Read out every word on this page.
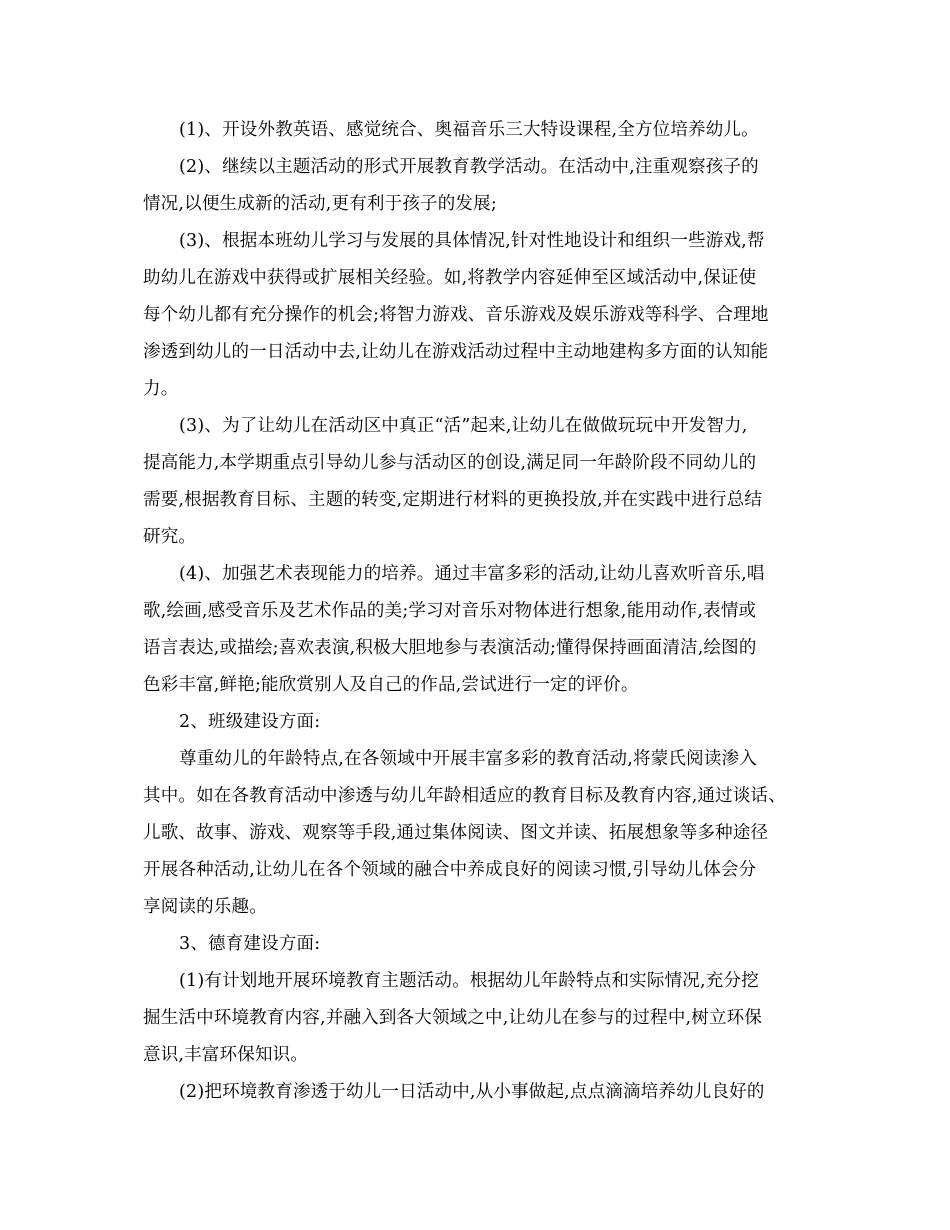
(1)、开设外教英语、感觉统合、奥福音乐三大特设课程,全方位培养幼儿。
(2)、继续以主题活动的形式开展教育教学活动。在活动中,注重观察孩子的
情况,以便生成新的活动,更有利于孩子的发展;
(3)、根据本班幼儿学习与发展的具体情况,针对性地设计和组织一些游戏,帮
助幼儿在游戏中获得或扩展相关经验。如,将教学内容延伸至区域活动中,保证使
每个幼儿都有充分操作的机会;将智力游戏、音乐游戏及娱乐游戏等科学、合理地
渗透到幼儿的一日活动中去,让幼儿在游戏活动过程中主动地建构多方面的认知能
力。
(3)、为了让幼儿在活动区中真正“活”起来,让幼儿在做做玩玩中开发智力,
提高能力,本学期重点引导幼儿参与活动区的创设,满足同一年龄阶段不同幼儿的
需要,根据教育目标、主题的转变,定期进行材料的更换投放,并在实践中进行总结
研究。
(4)、加强艺术表现能力的培养。通过丰富多彩的活动,让幼儿喜欢听音乐,唱
歌,绘画,感受音乐及艺术作品的美;学习对音乐对物体进行想象,能用动作,表情或
语言表达,或描绘;喜欢表演,积极大胆地参与表演活动;懂得保持画面清洁,绘图的
色彩丰富,鲜艳;能欣赏别人及自己的作品,尝试进行一定的评价。
2、班级建设方面:
尊重幼儿的年龄特点,在各领域中开展丰富多彩的教育活动,将蒙氏阅读渗入
其中。如在各教育活动中渗透与幼儿年龄相适应的教育目标及教育内容,通过谈话、
儿歌、故事、游戏、观察等手段,通过集体阅读、图文并读、拓展想象等多种途径
开展各种活动,让幼儿在各个领域的融合中养成良好的阅读习惯,引导幼儿体会分
享阅读的乐趣。
3、德育建设方面:
(1)有计划地开展环境教育主题活动。根据幼儿年龄特点和实际情况,充分挖
掘生活中环境教育内容,并融入到各大领域之中,让幼儿在参与的过程中,树立环保
意识,丰富环保知识。
(2)把环境教育渗透于幼儿一日活动中,从小事做起,点点滴滴培养幼儿良好的
